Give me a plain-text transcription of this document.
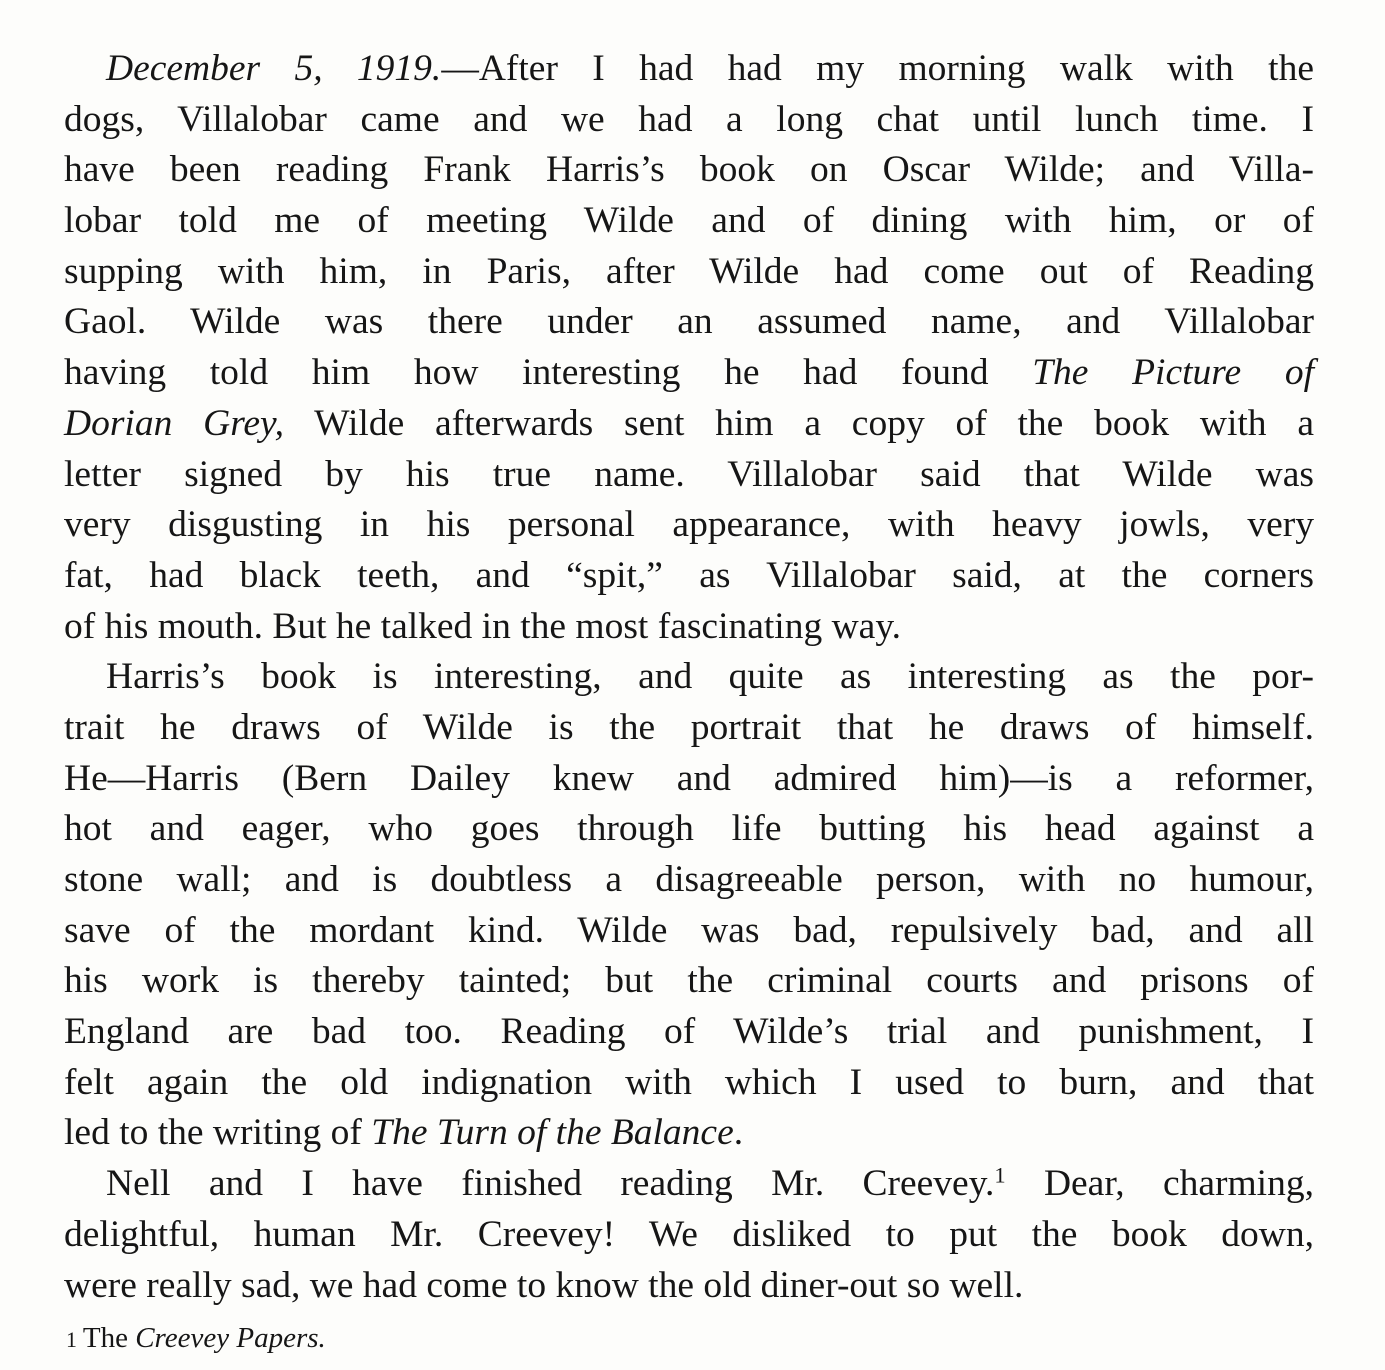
December 5, 1919.—After I had had my morning walk with the
dogs, Villalobar came and we had a long chat until lunch time. I
have been reading Frank Harris’s book on Oscar Wilde; and Villa-
lobar told me of meeting Wilde and of dining with him, or of
supping with him, in Paris, after Wilde had come out of Reading
Gaol. Wilde was there under an assumed name, and Villalobar
having told him how interesting he had found The Picture of
Dorian Grey, Wilde afterwards sent him a copy of the book with a
letter signed by his true name. Villalobar said that Wilde was
very disgusting in his personal appearance, with heavy jowls, very
fat, had black teeth, and “spit,” as Villalobar said, at the corners
of his mouth. But he talked in the most fascinating way.
Harris’s book is interesting, and quite as interesting as the por-
trait he draws of Wilde is the portrait that he draws of himself.
He—Harris (Bern Dailey knew and admired him)—is a reformer,
hot and eager, who goes through life butting his head against a
stone wall; and is doubtless a disagreeable person, with no humour,
save of the mordant kind. Wilde was bad, repulsively bad, and all
his work is thereby tainted; but the criminal courts and prisons of
England are bad too. Reading of Wilde’s trial and punishment, I
felt again the old indignation with which I used to burn, and that
led to the writing of The Turn of the Balance.
Nell and I have finished reading Mr. Creevey.$^1$ Dear, charming,
delightful, human Mr. Creevey! We disliked to put the book down,
were really sad, we had come to know the old diner-out so well.
1 The Creevey Papers.
